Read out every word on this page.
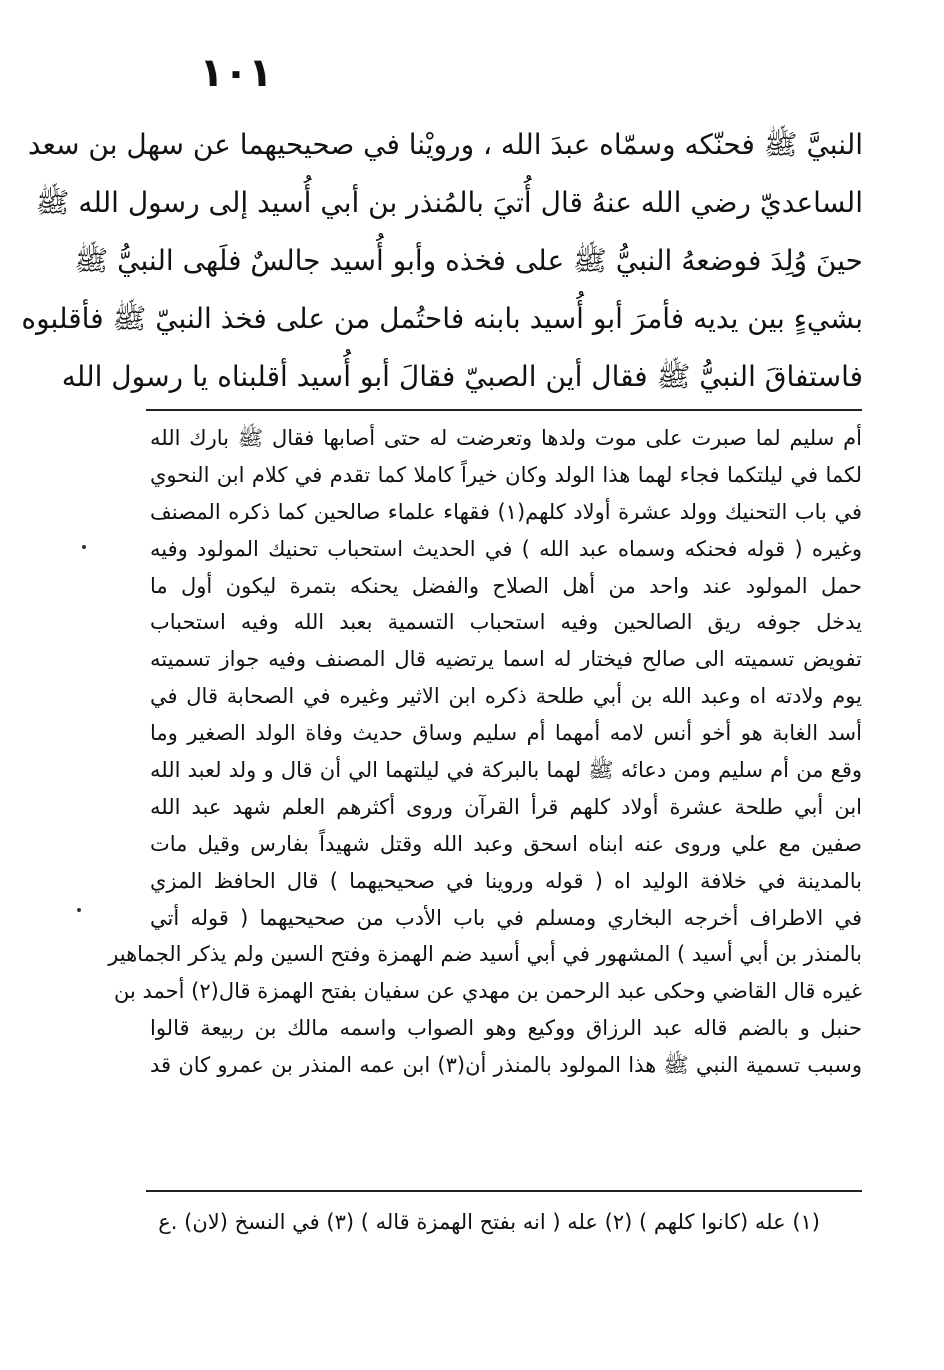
١٠١
النبيَّ ﷺ فحنّكه وسمّاه عبدَ الله ، ورويْنا في صحيحيهما عن سهل بن سعد
الساعديّ رضي الله عنهُ قال أُتيَ بالمُنذر بن أبي أُسيد إلى رسول الله ﷺ
حينَ وُلِدَ فوضعهُ النبيُّ ﷺ على فخذه وأبو أُسيد جالسٌ فلَهى النبيُّ ﷺ
بشيءٍ بين يديه فأمرَ أبو أُسيد بابنه فاحتُمل من على فخذ النبيّ ﷺ فأقلبوه
فاستفاقَ النبيُّ ﷺ فقال أين الصبيّ فقالَ أبو أُسيد أقلبناه يا رسول الله
أم سليم لما صبرت على موت ولدها وتعرضت له حتى أصابها فقال ﷺ بارك الله
لكما في ليلتكما فجاء لهما هذا الولد وكان خيراً كاملا كما تقدم في كلام ابن النحوي
في باب التحنيك وولد عشرة أولاد كلهم(١) فقهاء علماء صالحين كما ذكره المصنف
وغيره ( قوله فحنكه وسماه عبد الله ) في الحديث استحباب تحنيك المولود وفيه
حمل المولود عند واحد من أهل الصلاح والفضل يحنكه بتمرة ليكون أول ما
يدخل جوفه ريق الصالحين وفيه استحباب التسمية بعبد الله وفيه استحباب
تفويض تسميته الى صالح فيختار له اسما يرتضيه قال المصنف وفيه جواز تسميته
يوم ولادته اه وعبد الله بن أبي طلحة ذكره ابن الاثير وغيره في الصحابة قال في
أسد الغابة هو أخو أنس لامه أمهما أم سليم وساق حديث وفاة الولد الصغير وما
وقع من أم سليم ومن دعائه ﷺ لهما بالبركة في ليلتهما الي أن قال و ولد لعبد الله
ابن أبي طلحة عشرة أولاد كلهم قرأ القرآن وروى أكثرهم العلم شهد عبد الله
صفين مع علي وروى عنه ابناه اسحق وعبد الله وقتل شهيداً بفارس وقيل مات
بالمدينة في خلافة الوليد اه ( قوله وروينا في صحيحيهما ) قال الحافظ المزي
في الاطراف أخرجه البخاري ومسلم في باب الأدب من صحيحيهما ( قوله أتي
بالمنذر بن أبي أسيد ) المشهور في أبي أسيد ضم الهمزة وفتح السين ولم يذكر الجماهير
غيره قال القاضي وحكى عبد الرحمن بن مهدي عن سفيان بفتح الهمزة قال(٢) أحمد بن
حنبل و بالضم قاله عبد الرزاق ووكيع وهو الصواب واسمه مالك بن ربيعة قالوا
وسبب تسمية النبي ﷺ هذا المولود بالمنذر أن(٣) ابن عمه المنذر بن عمرو كان قد
(١) عله (كانوا كلهم ) (٢) عله ( انه بفتح الهمزة قاله ) (٣) في النسخ (لان) .ع
